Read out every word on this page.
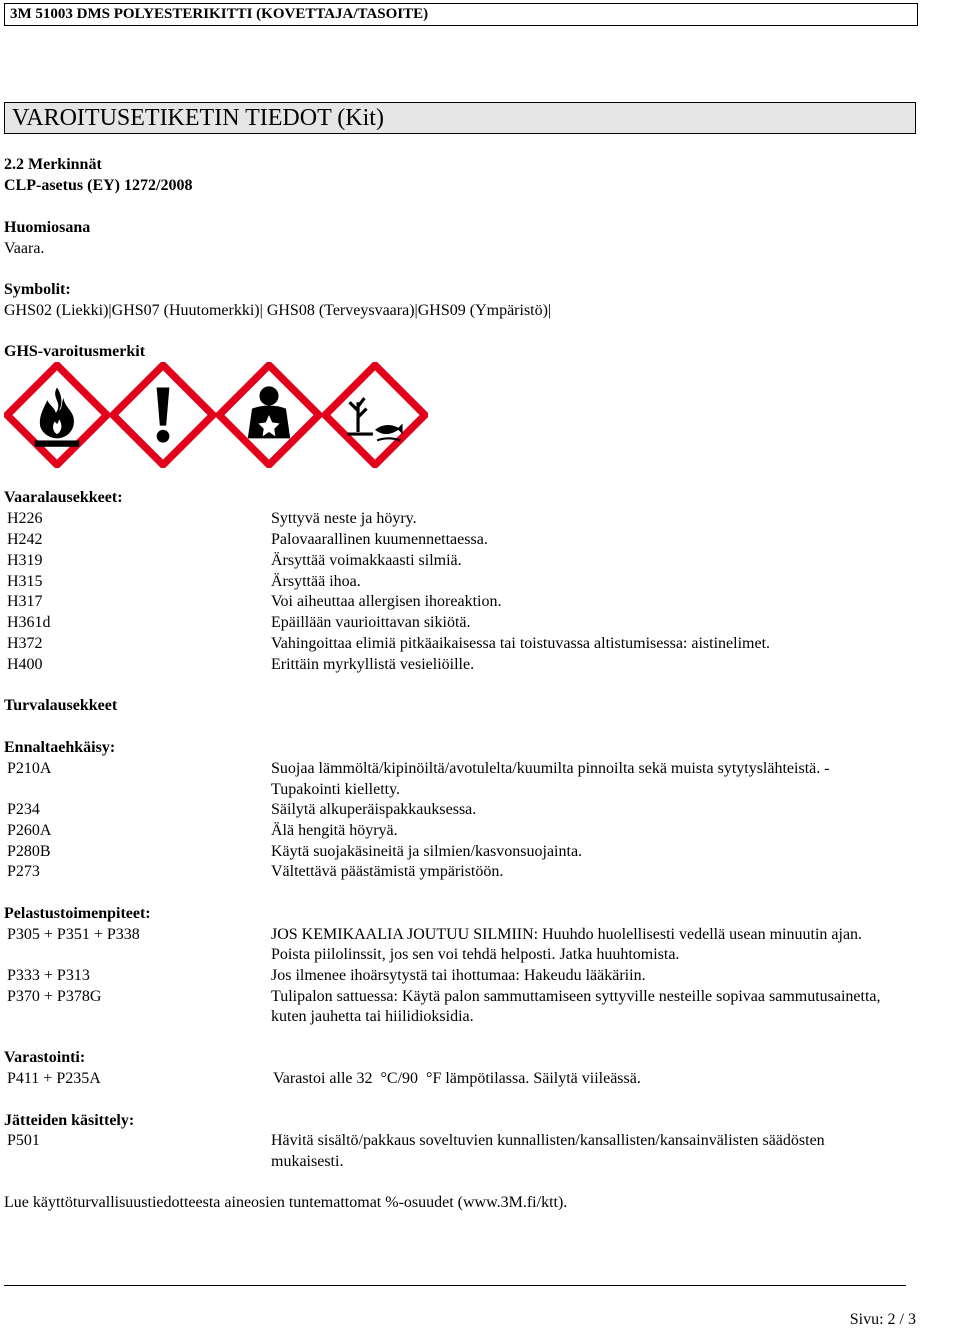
3M 51003 DMS POLYESTERIKITTI (KOVETTAJA/TASOITE)
VAROITUSETIKETIN TIEDOT (Kit)
2.2 Merkinnät
CLP-asetus (EY) 1272/2008
Huomiosana
Vaara.
Symbolit:
GHS02 (Liekki)|GHS07 (Huutomerkki)| GHS08 (Terveysvaara)|GHS09 (Ympäristö)|
GHS-varoitusmerkit
Vaaralausekkeet:
H226	Syttyvä neste ja höyry.
H242	Palovaarallinen kuumennettaessa.
H319	Ärsyttää voimakkaasti silmiä.
H315	Ärsyttää ihoa.
H317	Voi aiheuttaa allergisen ihoreaktion.
H361d	Epäillään vaurioittavan sikiötä.
H372	Vahingoittaa elimiä pitkäaikaisessa tai toistuvassa altistumisessa: aistinelimet.
H400	Erittäin myrkyllistä vesieliöille.
Turvalausekkeet
Ennaltaehkäisy:
P210A	Suojaa lämmöltä/kipinöiltä/avotulelta/kuumilta pinnoilta sekä muista sytytyslähteistä. -
Tupakointi kielletty.
P234	Säilytä alkuperäispakkauksessa.
P260A	Älä hengitä höyryä.
P280B	Käytä suojakäsineitä ja silmien/kasvonsuojainta.
P273	Vältettävä päästämistä ympäristöön.
Pelastustoimenpiteet:
P305 + P351 + P338	JOS KEMIKAALIA JOUTUU SILMIIN: Huuhdo huolellisesti vedellä usean minuutin ajan.
Poista piilolinssit, jos sen voi tehdä helposti. Jatka huuhtomista.
P333 + P313	Jos ilmenee ihoärsytystä tai ihottumaa: Hakeudu lääkäriin.
P370 + P378G	Tulipalon sattuessa: Käytä palon sammuttamiseen syttyville nesteille sopivaa sammutusainetta,
kuten jauhetta tai hiilidioksidia.
Varastointi:
P411 + P235A	Varastoi alle 32  °C/90  °F lämpötilassa. Säilytä viileässä.
Jätteiden käsittely:
P501	Hävitä sisältö/pakkaus soveltuvien kunnallisten/kansallisten/kansainvälisten säädösten
mukaisesti.
Lue käyttöturvallisuustiedotteesta aineosien tuntemattomat %-osuudet (www.3M.fi/ktt).
Sivu: 2 / 3
